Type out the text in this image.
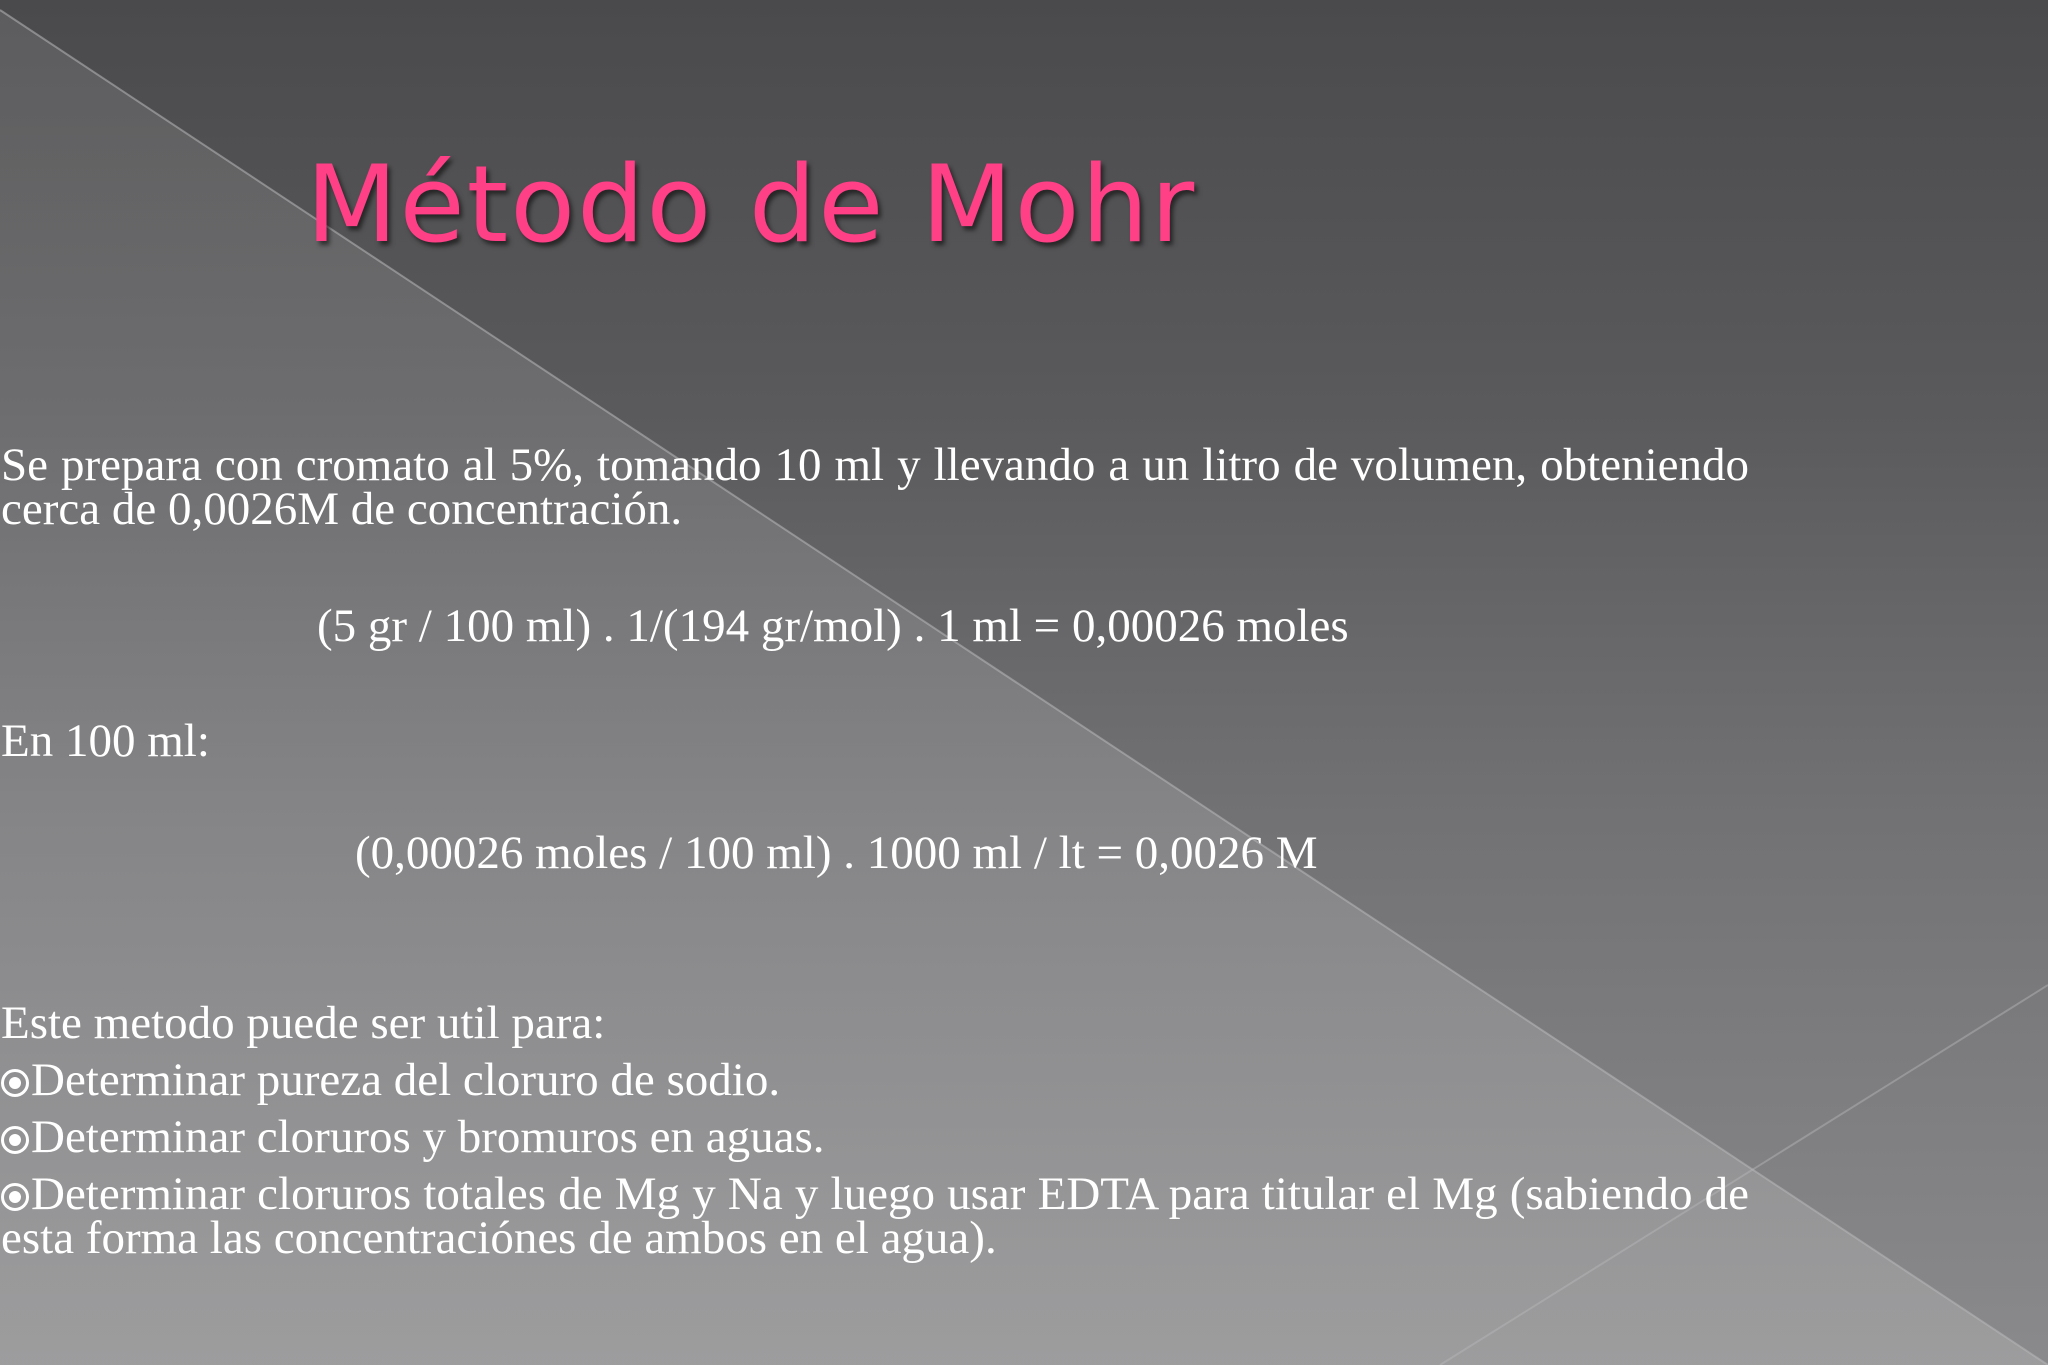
Método de Mohr
Se prepara con cromato al 5%, tomando 10 ml y llevando a un litro de volumen, obteniendo cerca de 0,0026M de concentración.
(5 gr / 100 ml) . 1/(194 gr/mol) . 1 ml = 0,00026 moles
En 100 ml:
(0,00026 moles / 100 ml) . 1000 ml / lt = 0,0026 M
Este metodo puede ser util para:
Determinar pureza del cloruro de sodio.
Determinar cloruros y bromuros en aguas.
Determinar cloruros totales de Mg y Na y luego usar EDTA para titular el Mg (sabiendo de esta forma las concentraciónes de ambos en el agua).
